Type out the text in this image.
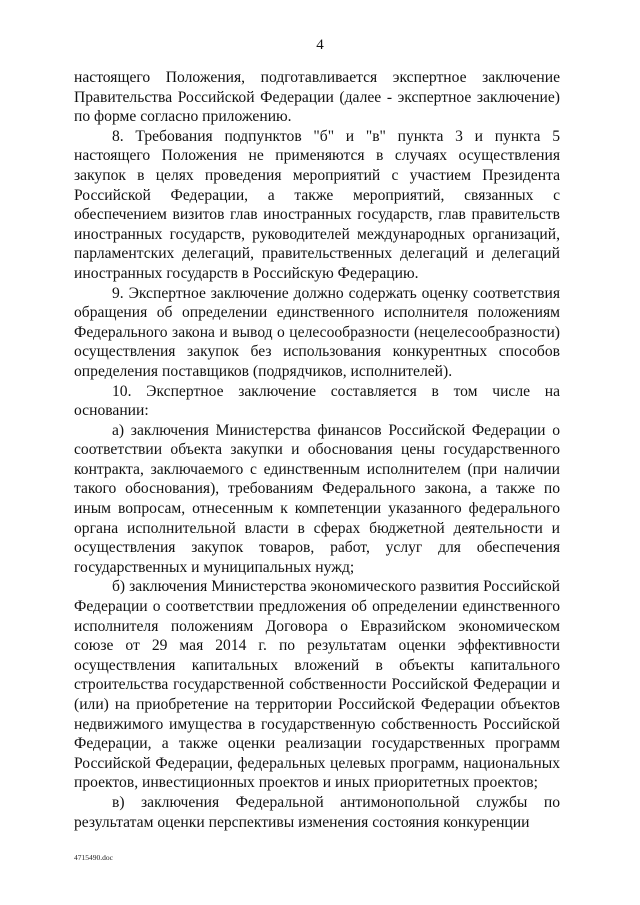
4

настоящего Положения, подготавливается экспертное заключение Правительства Российской Федерации (далее - экспертное заключение) по форме согласно приложению.

8. Требования подпунктов "б" и "в" пункта 3 и пункта 5 настоящего Положения не применяются в случаях осуществления закупок в целях проведения мероприятий с участием Президента Российской Федерации, а также мероприятий, связанных с обеспечением визитов глав иностранных государств, глав правительств иностранных государств, руководителей международных организаций, парламентских делегаций, правительственных делегаций и делегаций иностранных государств в Российскую Федерацию.

9. Экспертное заключение должно содержать оценку соответствия обращения об определении единственного исполнителя положениям Федерального закона и вывод о целесообразности (нецелесообразности) осуществления закупок без использования конкурентных способов определения поставщиков (подрядчиков, исполнителей).

10. Экспертное заключение составляется в том числе на основании:

а) заключения Министерства финансов Российской Федерации о соответствии объекта закупки и обоснования цены государственного контракта, заключаемого с единственным исполнителем (при наличии такого обоснования), требованиям Федерального закона, а также по иным вопросам, отнесенным к компетенции указанного федерального органа исполнительной власти в сферах бюджетной деятельности и осуществления закупок товаров, работ, услуг для обеспечения государственных и муниципальных нужд;

б) заключения Министерства экономического развития Российской Федерации о соответствии предложения об определении единственного исполнителя положениям Договора о Евразийском экономическом союзе от 29 мая 2014 г. по результатам оценки эффективности осуществления капитальных вложений в объекты капитального строительства государственной собственности Российской Федерации и (или) на приобретение на территории Российской Федерации объектов недвижимого имущества в государственную собственность Российской Федерации, а также оценки реализации государственных программ Российской Федерации, федеральных целевых программ, национальных проектов, инвестиционных проектов и иных приоритетных проектов;

в) заключения Федеральной антимонопольной службы по результатам оценки перспективы изменения состояния конкуренции

4715490.doc
